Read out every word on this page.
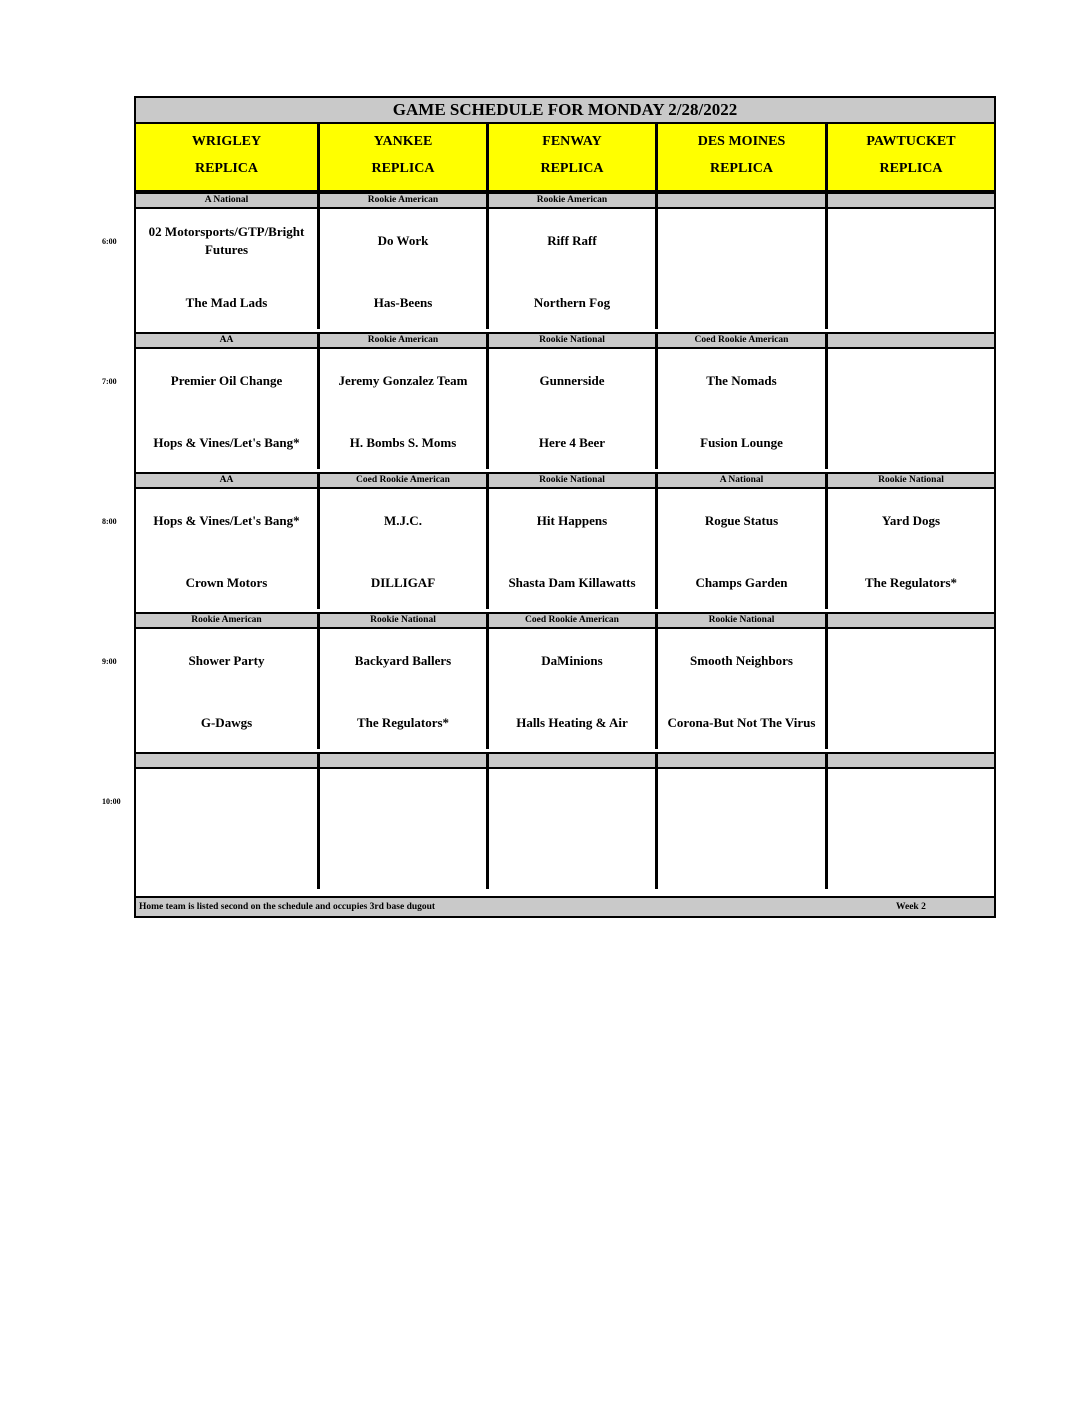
GAME SCHEDULE FOR MONDAY 2/28/2022
WRIGLEY
REPLICA
YANKEE
REPLICA
FENWAY
REPLICA
DES MOINES
REPLICA
PAWTUCKET
REPLICA
A National
02 Motorsports/GTP/Bright Futures
The Mad Lads
Rookie American
Do Work
Has-Beens
Rookie American
Riff Raff
Northern Fog
AA
Premier Oil Change
Hops & Vines/Let's Bang*
Rookie American
Jeremy Gonzalez Team
H. Bombs S. Moms
Rookie National
Gunnerside
Here 4 Beer
Coed Rookie American
The Nomads
Fusion Lounge
AA
Hops & Vines/Let's Bang*
Crown Motors
Coed Rookie American
M.J.C.
DILLIGAF
Rookie National
Hit Happens
Shasta Dam Killawatts
A National
Rogue Status
Champs Garden
Rookie National
Yard Dogs
The Regulators*
Rookie American
Shower Party
G-Dawgs
Rookie National
Backyard Ballers
The Regulators*
Coed Rookie American
DaMinions
Halls Heating & Air
Rookie National
Smooth Neighbors
Corona-But Not The Virus
Home team is listed second on the schedule and occupies 3rd base dugout	Week 2
6:00
7:00
8:00
9:00
10:00
